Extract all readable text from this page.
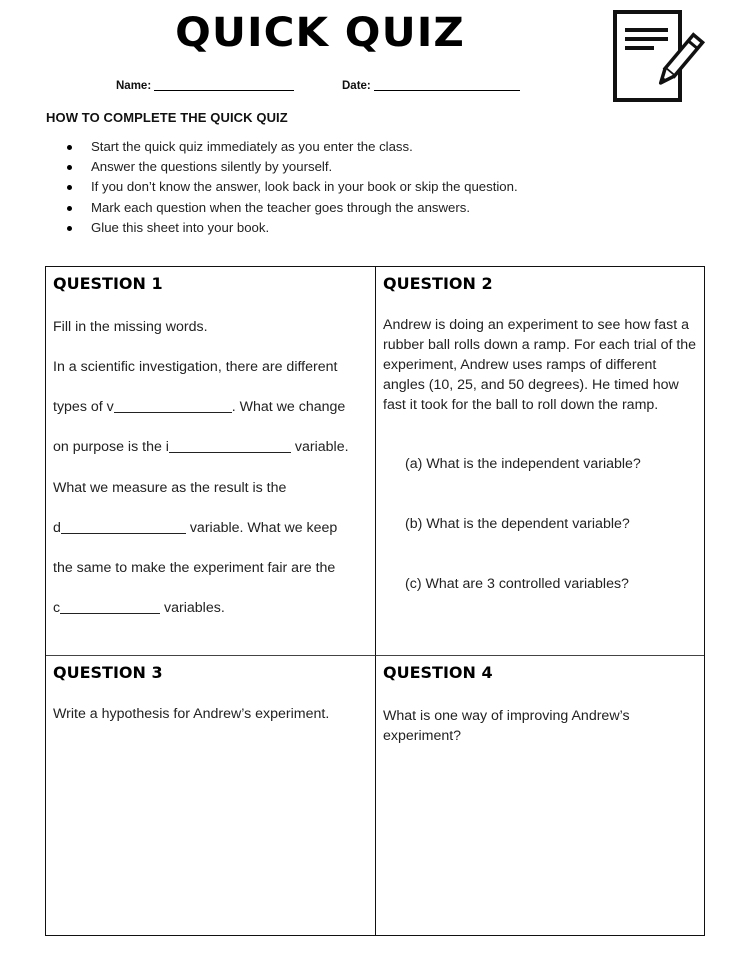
QUICK QUIZ
Name:	Date:
HOW TO COMPLETE THE QUICK QUIZ
Start the quick quiz immediately as you enter the class.
Answer the questions silently by yourself.
If you don’t know the answer, look back in your book or skip the question.
Mark each question when the teacher goes through the answers.
Glue this sheet into your book.
QUESTION 1
Fill in the missing words.
In a scientific investigation, there are different
types of v	. What we change
on purpose is the i	variable.
What we measure as the result is the
d	variable. What we keep
the same to make the experiment fair are the
c	variables.
QUESTION 2
Andrew is doing an experiment to see how fast a rubber ball rolls down a ramp. For each trial of the experiment, Andrew uses ramps of different angles (10, 25, and 50 degrees). He timed how fast it took for the ball to roll down the ramp.
(a) What is the independent variable?
(b) What is the dependent variable?
(c) What are 3 controlled variables?
QUESTION 3
Write a hypothesis for Andrew’s experiment.
QUESTION 4
What is one way of improving Andrew’s experiment?
